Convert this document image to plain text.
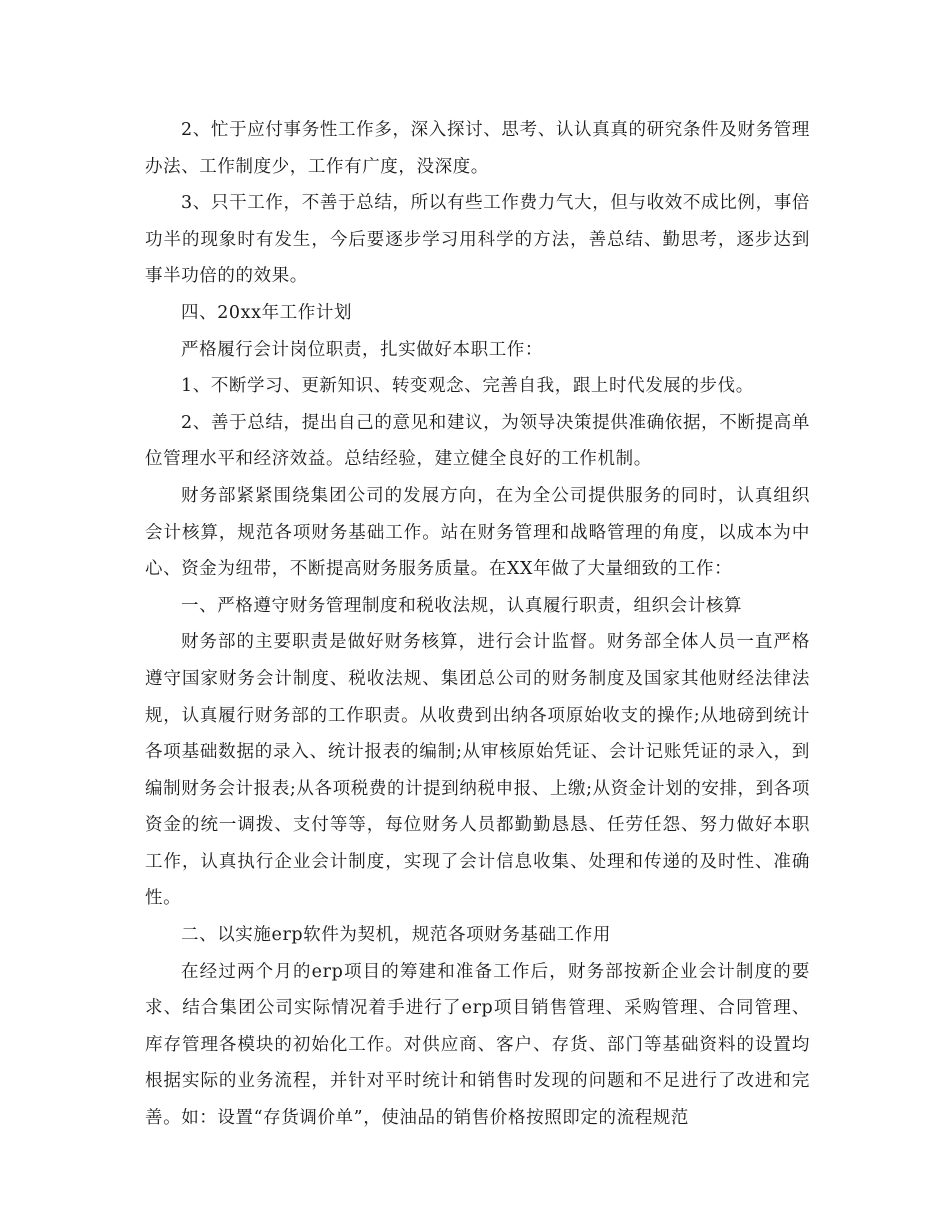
2、忙于应付事务性工作多，深入探讨、思考、认认真真的研究条件及财务管理办法、工作制度少，工作有广度，没深度。

3、只干工作，不善于总结，所以有些工作费力气大，但与收效不成比例，事倍功半的现象时有发生，今后要逐步学习用科学的方法，善总结、勤思考，逐步达到事半功倍的的效果。

四、20xx年工作计划

严格履行会计岗位职责，扎实做好本职工作：

1、不断学习、更新知识、转变观念、完善自我，跟上时代发展的步伐。

2、善于总结，提出自己的意见和建议，为领导决策提供准确依据，不断提高单位管理水平和经济效益。总结经验，建立健全良好的工作机制。

财务部紧紧围绕集团公司的发展方向，在为全公司提供服务的同时，认真组织会计核算，规范各项财务基础工作。站在财务管理和战略管理的角度，以成本为中心、资金为纽带，不断提高财务服务质量。在XX年做了大量细致的工作：

一、严格遵守财务管理制度和税收法规，认真履行职责，组织会计核算

财务部的主要职责是做好财务核算，进行会计监督。财务部全体人员一直严格遵守国家财务会计制度、税收法规、集团总公司的财务制度及国家其他财经法律法规，认真履行财务部的工作职责。从收费到出纳各项原始收支的操作;从地磅到统计各项基础数据的录入、统计报表的编制;从审核原始凭证、会计记账凭证的录入，到编制财务会计报表;从各项税费的计提到纳税申报、上缴;从资金计划的安排，到各项资金的统一调拨、支付等等，每位财务人员都勤勤恳恳、任劳任怨、努力做好本职工作，认真执行企业会计制度，实现了会计信息收集、处理和传递的及时性、准确性。

二、以实施erp软件为契机，规范各项财务基础工作用

在经过两个月的erp项目的筹建和准备工作后，财务部按新企业会计制度的要求、结合集团公司实际情况着手进行了erp项目销售管理、采购管理、合同管理、库存管理各模块的初始化工作。对供应商、客户、存货、部门等基础资料的设置均根据实际的业务流程，并针对平时统计和销售时发现的问题和不足进行了改进和完善。如：设置“存货调价单”，使油品的销售价格按照即定的流程规范
